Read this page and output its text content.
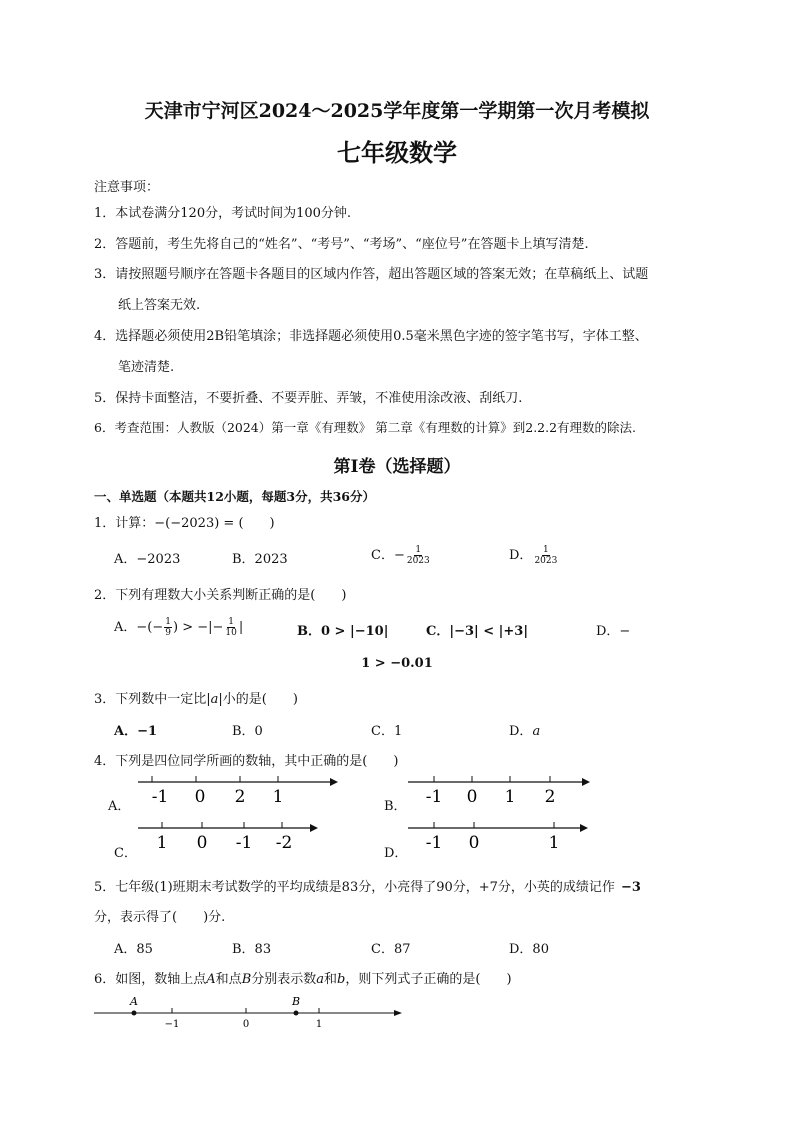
天津市宁河区2024～2025学年度第一学期第一次月考模拟
七年级数学
注意事项：
1．本试卷满分120分，考试时间为100分钟.
2．答题前，考生先将自己的“姓名”、“考号”、“考场”、“座位号”在答题卡上填写清楚.
3．请按照题号顺序在答题卡各题目的区域内作答，超出答题区域的答案无效；在草稿纸上、试题
纸上答案无效.
4．选择题必须使用2B铅笔填涂；非选择题必须使用0.5毫米黑色字迹的签字笔书写，字体工整、
笔迹清楚.
5．保持卡面整洁，不要折叠、不要弄脏、弄皱，不准使用涂改液、刮纸刀.
6．考查范围：人教版（2024）第一章《有理数》 第二章《有理数的计算》到2.2.2有理数的除法.
第Ⅰ卷（选择题）
一、单选题（本题共12小题，每题3分，共36分）
1．计算：−(−2023) = (　　)
A．−2023	B．2023	C．− $\frac{1}{2023}$	D． $\frac{1}{2023}$
2．下列有理数大小关系判断正确的是(　　)
A．−(− $\frac{1}{9}$ ) > −|− $\frac{1}{10}$ |	B．0 > |−10|	C．|−3| < |+3|	D．−
1 > −0.01
3．下列数中一定比|a|小的是(　　)
A．−1	B．0	C．1	D．a
4．下列是四位同学所画的数轴，其中正确的是(　　)
A． -1 0 2 1	B． -1 0 1 2
C．
1 0 -1 -2
D．
-1 0	1
5．七年级(1)班期末考试数学的平均成绩是83分，小亮得了90分，+7分，小英的成绩记作 −3
分，表示得了(　　)分.
A．85	B．83	C．87	D．80
6．如图，数轴上点A和点B分别表示数a和b，则下列式子正确的是(　　)
A	B
−1	0	1
